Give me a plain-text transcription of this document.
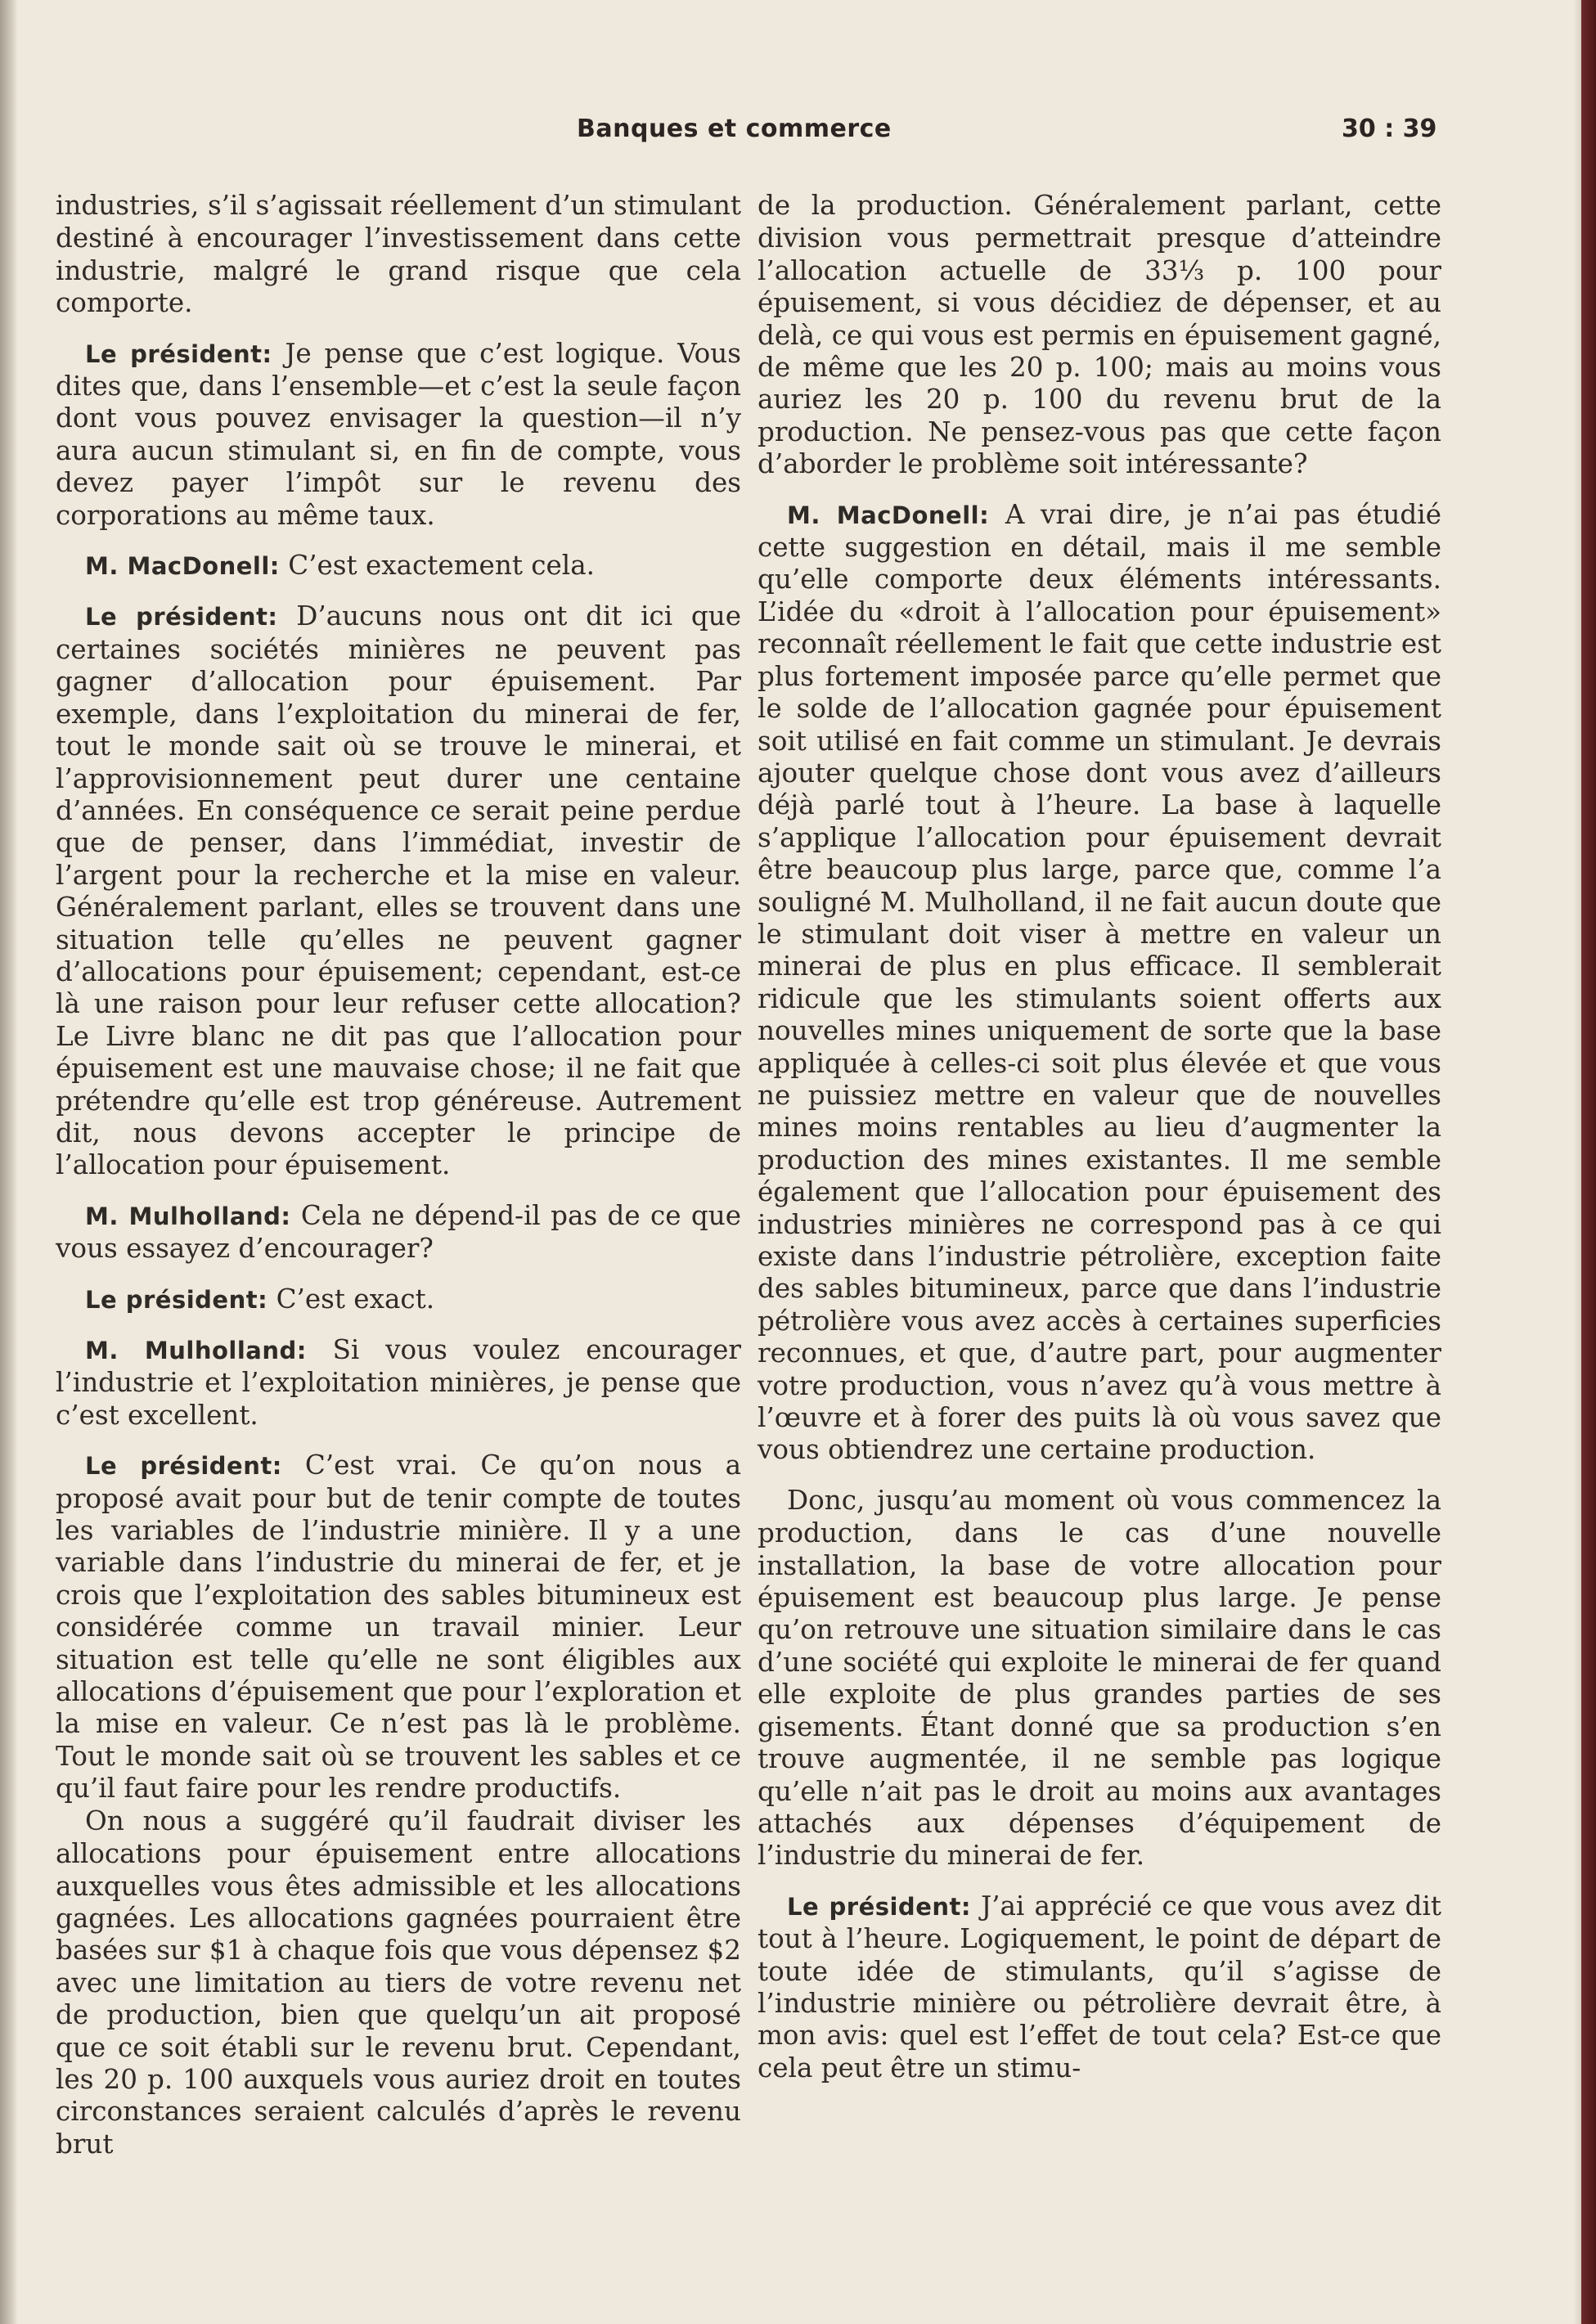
Banques et commerce	30 : 39

industries, s’il s’agissait réellement d’un stimulant destiné à encourager l’investissement dans cette industrie, malgré le grand risque que cela comporte.

Le président: Je pense que c’est logique. Vous dites que, dans l’ensemble—et c’est la seule façon dont vous pouvez envisager la question—il n’y aura aucun stimulant si, en fin de compte, vous devez payer l’impôt sur le revenu des corporations au même taux.

M. MacDonell: C’est exactement cela.

Le président: D’aucuns nous ont dit ici que certaines sociétés minières ne peuvent pas gagner d’allocation pour épuisement. Par exemple, dans l’exploitation du minerai de fer, tout le monde sait où se trouve le minerai, et l’approvisionnement peut durer une centaine d’années. En conséquence ce serait peine perdue que de penser, dans l’immédiat, investir de l’argent pour la recherche et la mise en valeur. Généralement parlant, elles se trouvent dans une situation telle qu’elles ne peuvent gagner d’allocations pour épuisement; cependant, est-ce là une raison pour leur refuser cette allocation? Le Livre blanc ne dit pas que l’allocation pour épuisement est une mauvaise chose; il ne fait que prétendre qu’elle est trop généreuse. Autrement dit, nous devons accepter le principe de l’allocation pour épuisement.

M. Mulholland: Cela ne dépend-il pas de ce que vous essayez d’encourager?

Le président: C’est exact.

M. Mulholland: Si vous voulez encourager l’industrie et l’exploitation minières, je pense que c’est excellent.

Le président: C’est vrai. Ce qu’on nous a proposé avait pour but de tenir compte de toutes les variables de l’industrie minière. Il y a une variable dans l’industrie du minerai de fer, et je crois que l’exploitation des sables bitumineux est considérée comme un travail minier. Leur situation est telle qu’elle ne sont éligibles aux allocations d’épuisement que pour l’exploration et la mise en valeur. Ce n’est pas là le problème. Tout le monde sait où se trouvent les sables et ce qu’il faut faire pour les rendre productifs.

On nous a suggéré qu’il faudrait diviser les allocations pour épuisement entre allocations auxquelles vous êtes admissible et les allocations gagnées. Les allocations gagnées pourraient être basées sur $1 à chaque fois que vous dépensez $2 avec une limitation au tiers de votre revenu net de production, bien que quelqu’un ait proposé que ce soit établi sur le revenu brut. Cependant, les 20 p. 100 auxquels vous auriez droit en toutes circonstances seraient calculés d’après le revenu brut

de la production. Généralement parlant, cette division vous permettrait presque d’atteindre l’allocation actuelle de 33⅓ p. 100 pour épuisement, si vous décidiez de dépenser, et au delà, ce qui vous est permis en épuisement gagné, de même que les 20 p. 100; mais au moins vous auriez les 20 p. 100 du revenu brut de la production. Ne pensez-vous pas que cette façon d’aborder le problème soit intéressante?

M. MacDonell: A vrai dire, je n’ai pas étudié cette suggestion en détail, mais il me semble qu’elle comporte deux éléments intéressants. L’idée du «droit à l’allocation pour épuisement» reconnaît réellement le fait que cette industrie est plus fortement imposée parce qu’elle permet que le solde de l’allocation gagnée pour épuisement soit utilisé en fait comme un stimulant. Je devrais ajouter quelque chose dont vous avez d’ailleurs déjà parlé tout à l’heure. La base à laquelle s’applique l’allocation pour épuisement devrait être beaucoup plus large, parce que, comme l’a souligné M. Mulholland, il ne fait aucun doute que le stimulant doit viser à mettre en valeur un minerai de plus en plus efficace. Il semblerait ridicule que les stimulants soient offerts aux nouvelles mines uniquement de sorte que la base appliquée à celles-ci soit plus élevée et que vous ne puissiez mettre en valeur que de nouvelles mines moins rentables au lieu d’augmenter la production des mines existantes. Il me semble également que l’allocation pour épuisement des industries minières ne correspond pas à ce qui existe dans l’industrie pétrolière, exception faite des sables bitumineux, parce que dans l’industrie pétrolière vous avez accès à certaines superficies reconnues, et que, d’autre part, pour augmenter votre production, vous n’avez qu’à vous mettre à l’œuvre et à forer des puits là où vous savez que vous obtiendrez une certaine production.

Donc, jusqu’au moment où vous commencez la production, dans le cas d’une nouvelle installation, la base de votre allocation pour épuisement est beaucoup plus large. Je pense qu’on retrouve une situation similaire dans le cas d’une société qui exploite le minerai de fer quand elle exploite de plus grandes parties de ses gisements. Étant donné que sa production s’en trouve augmentée, il ne semble pas logique qu’elle n’ait pas le droit au moins aux avantages attachés aux dépenses d’équipement de l’industrie du minerai de fer.

Le président: J’ai apprécié ce que vous avez dit tout à l’heure. Logiquement, le point de départ de toute idée de stimulants, qu’il s’agisse de l’industrie minière ou pétrolière devrait être, à mon avis: quel est l’effet de tout cela? Est-ce que cela peut être un stimu-
